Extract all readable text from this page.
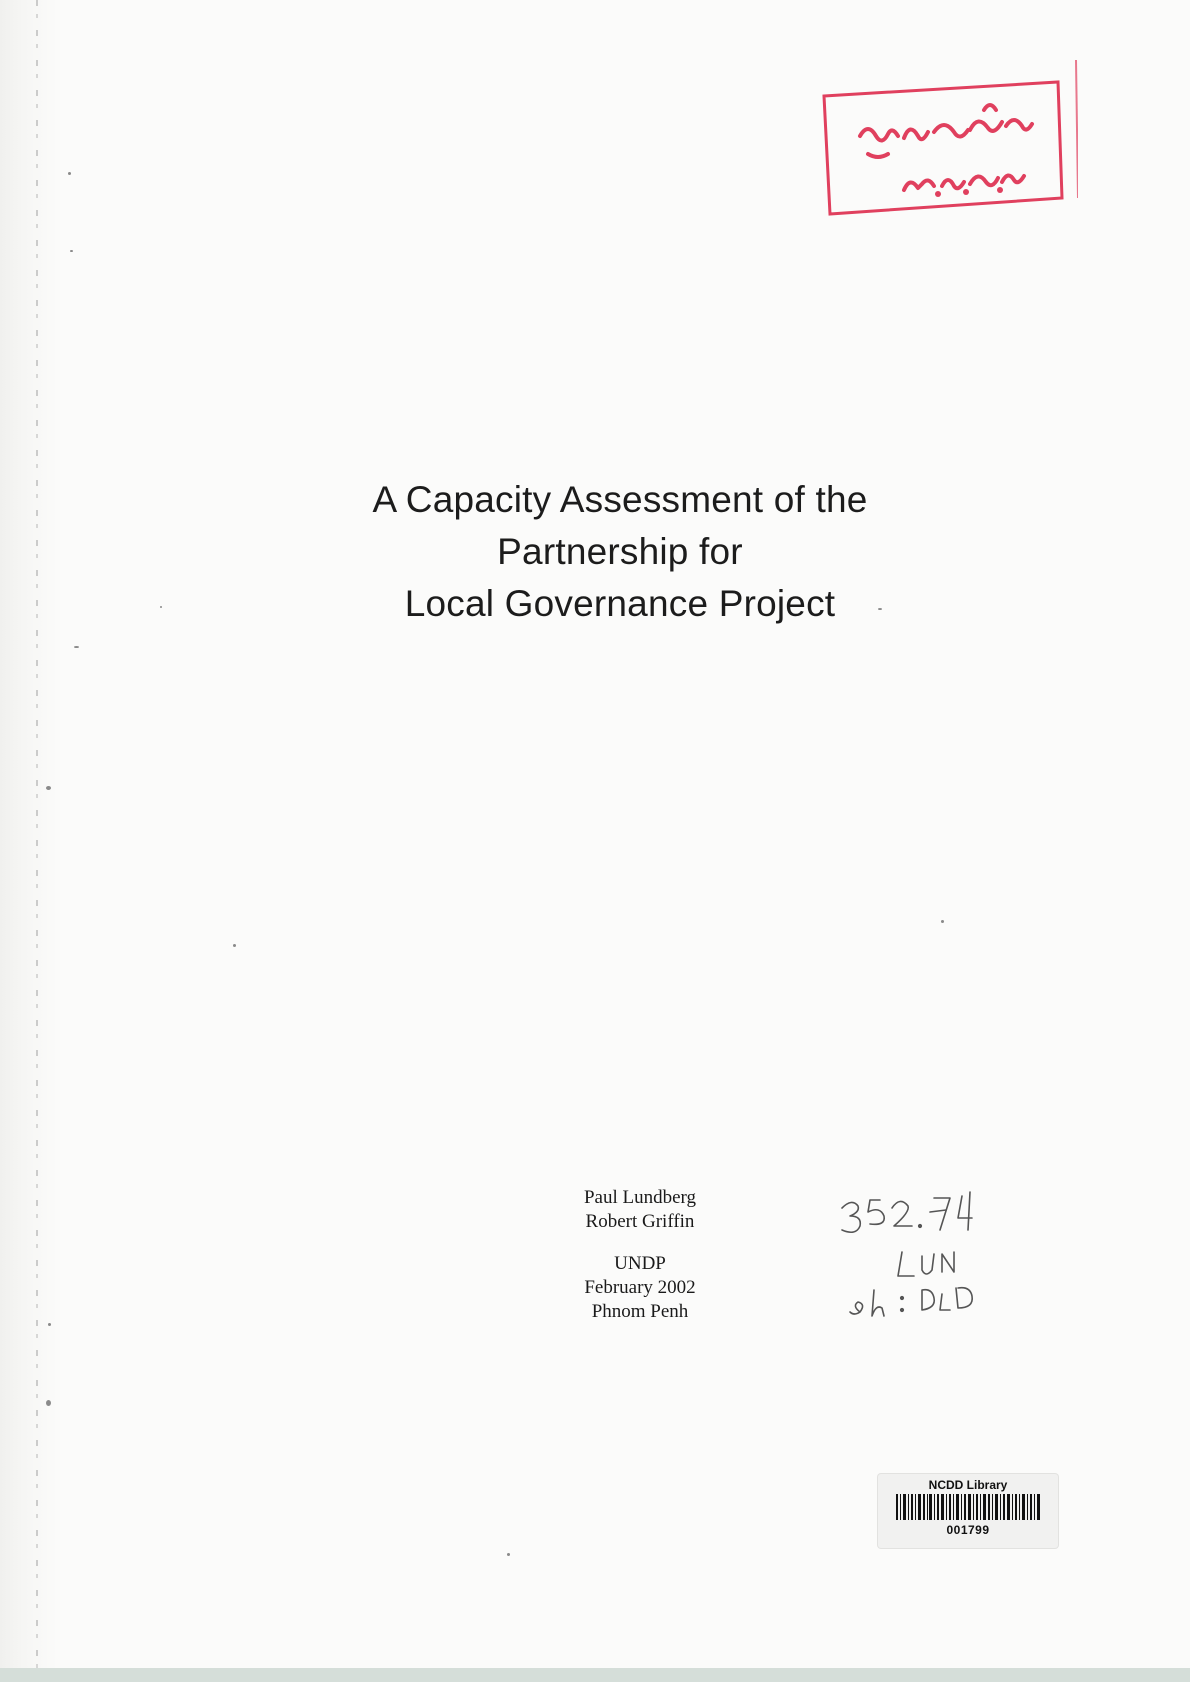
A Capacity Assessment of the
Partnership for
Local Governance Project
Paul Lundberg
Robert Griffin
UNDP
February 2002
Phnom Penh
NCDD Library
001799
